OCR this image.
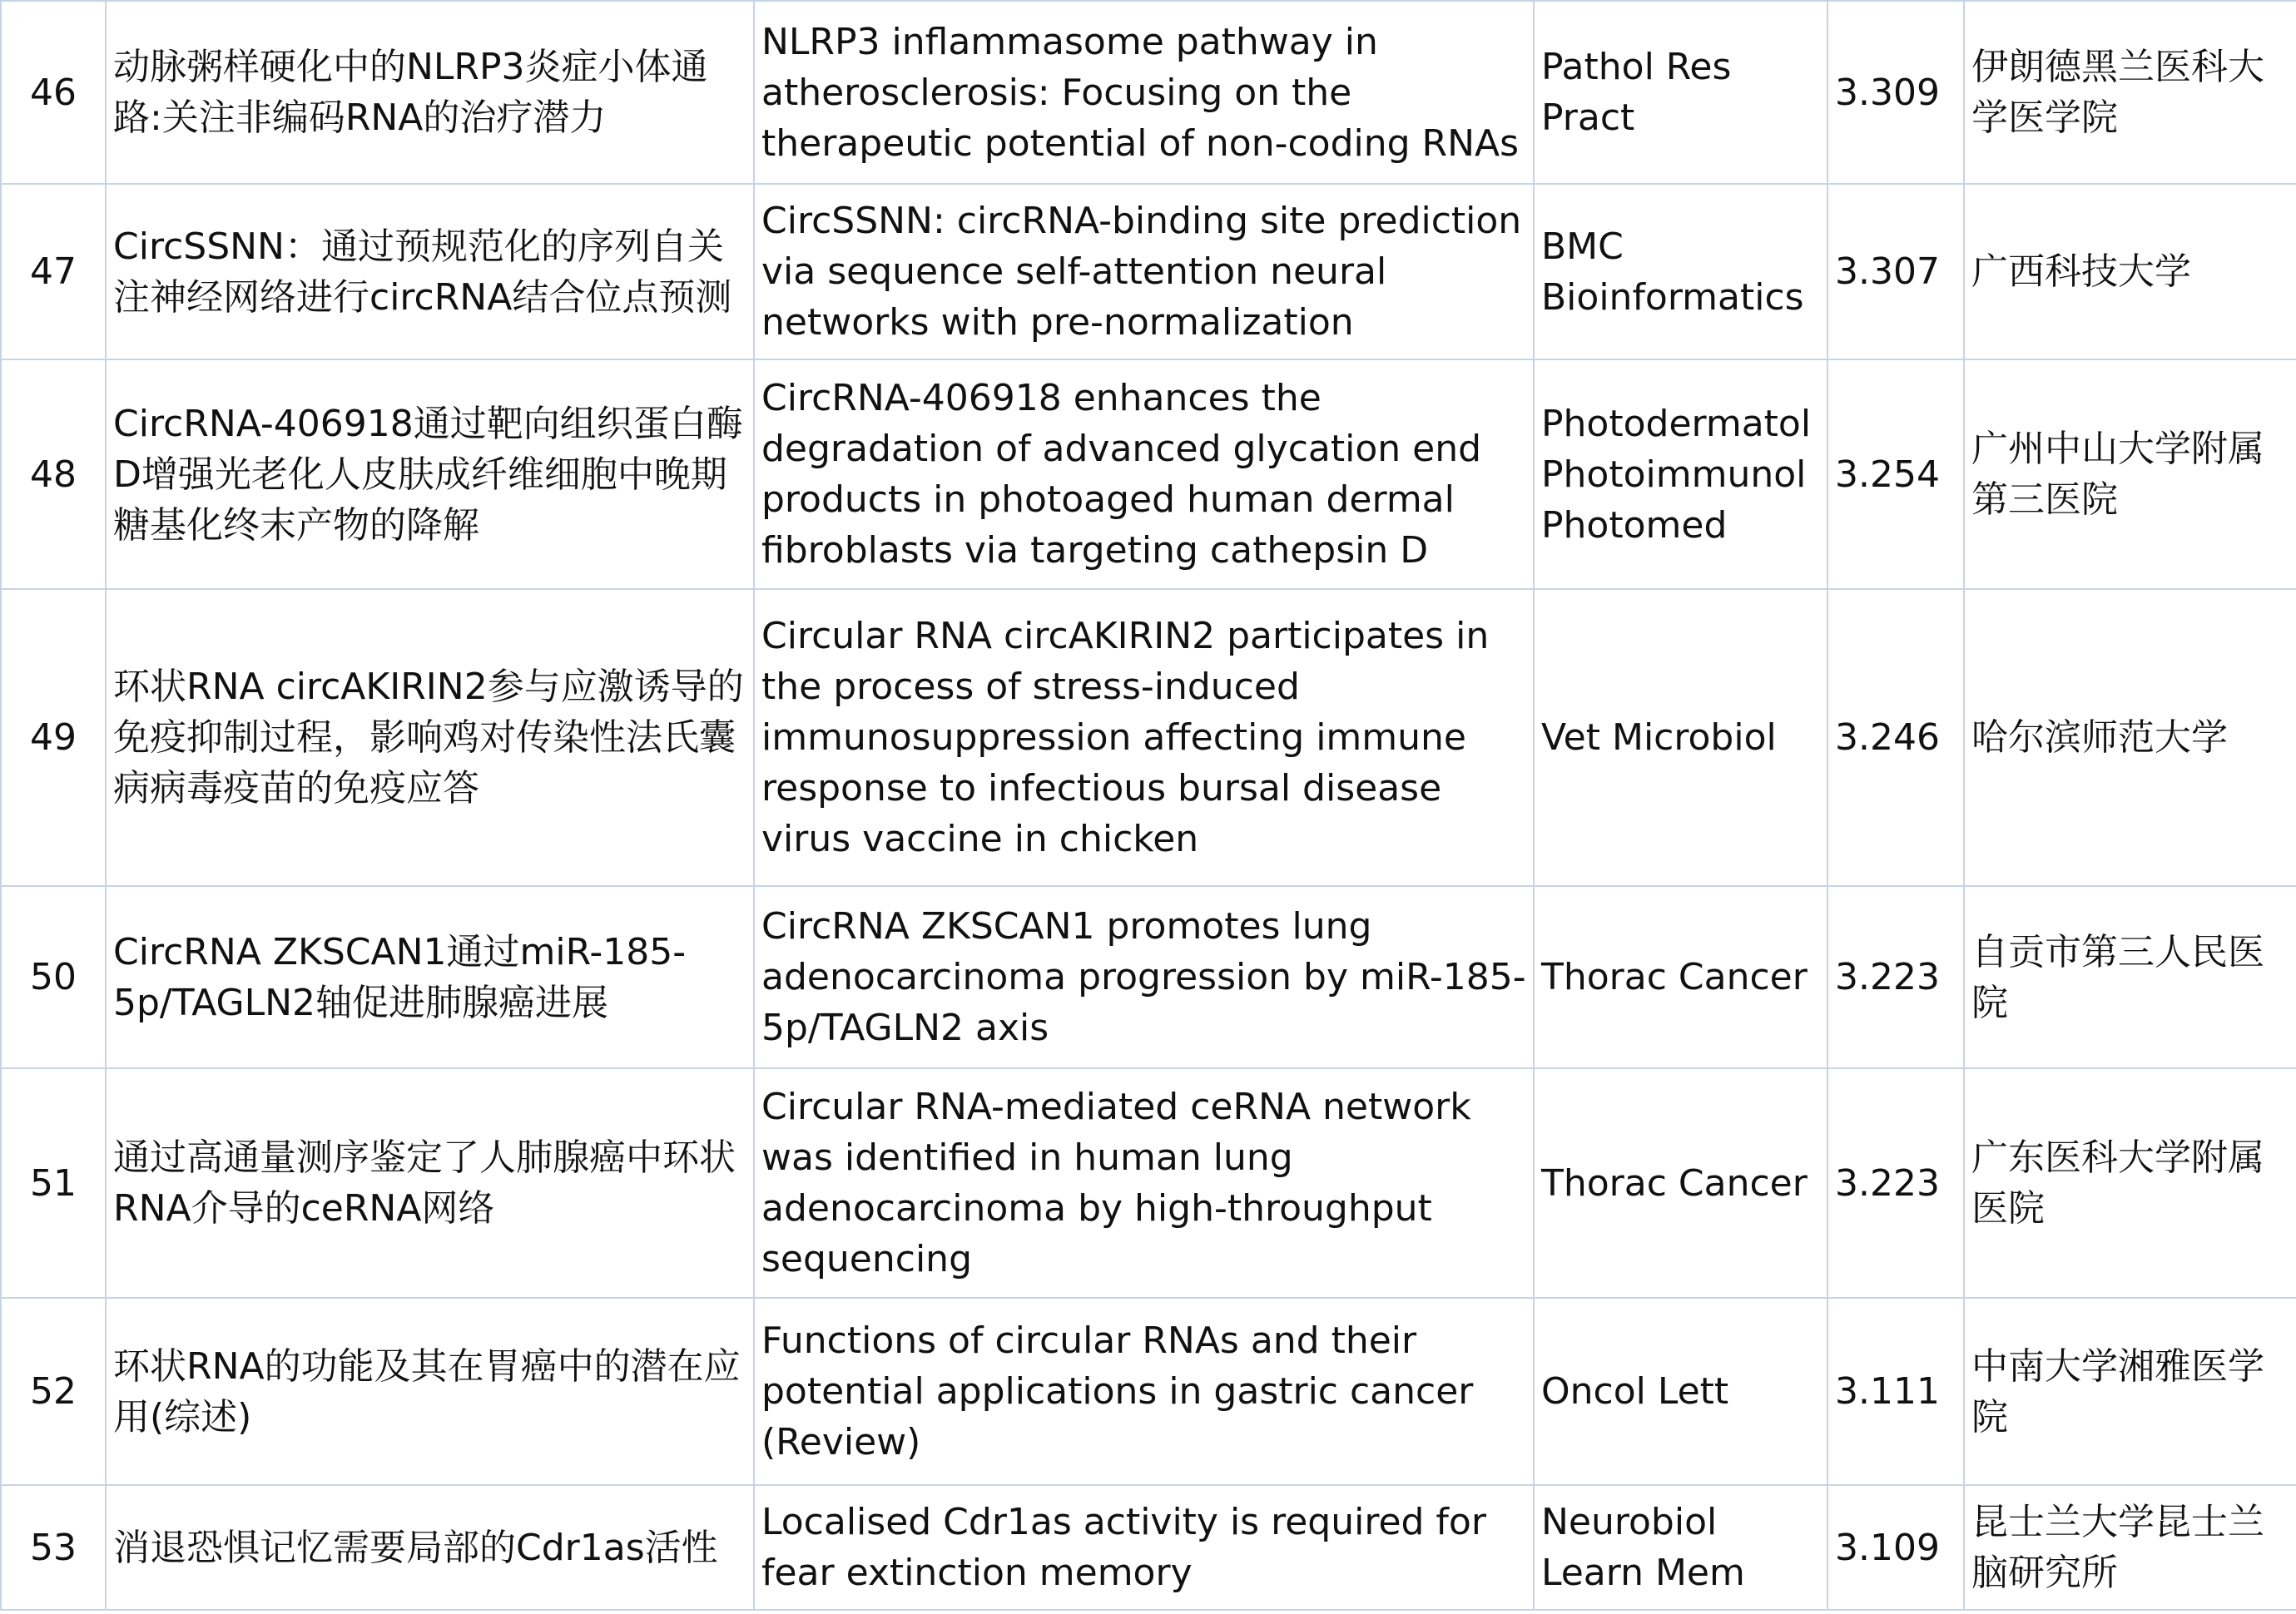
46	动脉粥样硬化中的NLRP3炎症小体通路:关注非编码RNA的治疗潜力	NLRP3 inflammasome pathway in atherosclerosis: Focusing on the therapeutic potential of non-coding RNAs	Pathol Res Pract	3.309	伊朗德黑兰医科大学医学院
47	CircSSNN：通过预规范化的序列自关注神经网络进行circRNA结合位点预测	CircSSNN: circRNA-binding site prediction via sequence self-attention neural networks with pre-normalization	BMC Bioinformatics	3.307	广西科技大学
48	CircRNA-406918通过靶向组织蛋白酶D增强光老化人皮肤成纤维细胞中晚期糖基化终末产物的降解	CircRNA-406918 enhances the degradation of advanced glycation end products in photoaged human dermal fibroblasts via targeting cathepsin D	Photodermatol Photoimmunol Photomed	3.254	广州中山大学附属第三医院
49	环状RNA circAKIRIN2参与应激诱导的免疫抑制过程，影响鸡对传染性法氏囊病病毒疫苗的免疫应答	Circular RNA circAKIRIN2 participates in the process of stress-induced immunosuppression affecting immune response to infectious bursal disease virus vaccine in chicken	Vet Microbiol	3.246	哈尔滨师范大学
50	CircRNA ZKSCAN1通过miR-185-5p/TAGLN2轴促进肺腺癌进展	CircRNA ZKSCAN1 promotes lung adenocarcinoma progression by miR-185-5p/TAGLN2 axis	Thorac Cancer	3.223	自贡市第三人民医院
51	通过高通量测序鉴定了人肺腺癌中环状RNA介导的ceRNA网络	Circular RNA-mediated ceRNA network was identified in human lung adenocarcinoma by high-throughput sequencing	Thorac Cancer	3.223	广东医科大学附属医院
52	环状RNA的功能及其在胃癌中的潜在应用(综述)	Functions of circular RNAs and their potential applications in gastric cancer (Review)	Oncol Lett	3.111	中南大学湘雅医学院
53	消退恐惧记忆需要局部的Cdr1as活性	Localised Cdr1as activity is required for fear extinction memory	Neurobiol Learn Mem	3.109	昆士兰大学昆士兰脑研究所
